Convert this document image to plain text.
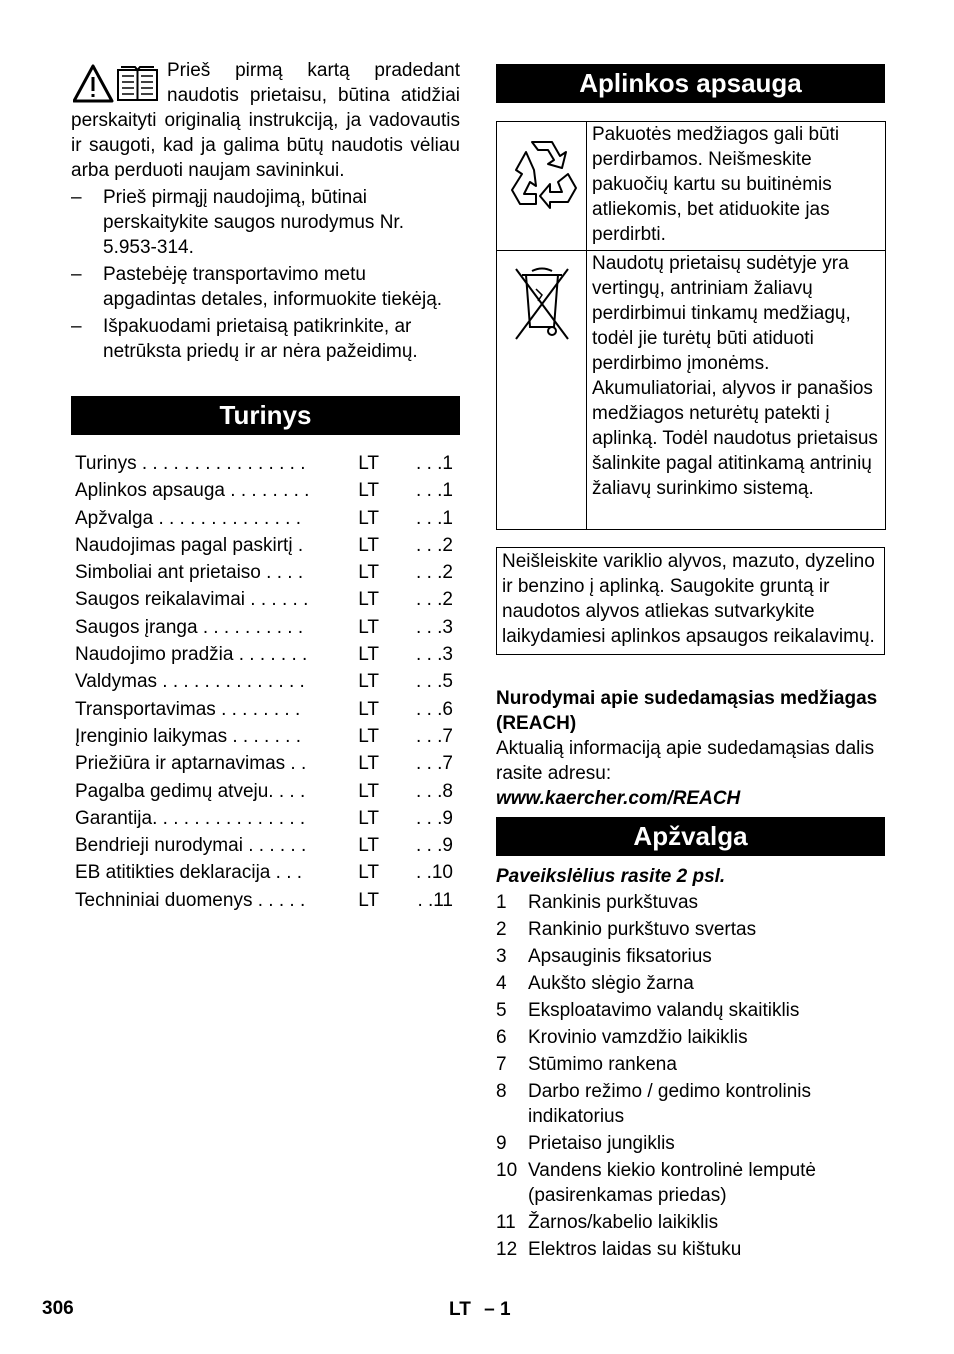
Prieš pirmą kartą pradedant naudotis prietaisu, būtina atidžiai perskaityti originalią instrukciją, ja vadovautis ir saugoti, kad ja galima būtų naudotis vėliau arba perduoti naujam savininkui.
–	Prieš pirmąjį naudojimą, būtinai perskaitykite saugos nurodymus Nr. 5.953-314.
–	Pastebėję transportavimo metu apgadintas detales, informuokite tiekėją.
–	Išpakuodami prietaisą patikrinkite, ar netrūksta priedų ir ar nėra pažeidimų.
Turinys
Turinys . . . . . . . . . . . . . . . .	LT	. . .1
Aplinkos apsauga . . . . . . . .	LT	. . .1
Apžvalga . . . . . . . . . . . . . .	LT	. . .1
Naudojimas pagal paskirtį .	LT	. . .2
Simboliai ant prietaiso . . . .	LT	. . .2
Saugos reikalavimai . . . . . .	LT	. . .2
Saugos įranga . . . . . . . . . .	LT	. . .3
Naudojimo pradžia . . . . . . .	LT	. . .3
Valdymas . . . . . . . . . . . . . .	LT	. . .5
Transportavimas . . . . . . . .	LT	. . .6
Įrenginio laikymas . . . . . . .	LT	. . .7
Priežiūra ir aptarnavimas . .	LT	. . .7
Pagalba gedimų atveju. . . .	LT	. . .8
Garantija. . . . . . . . . . . . . . .	LT	. . .9
Bendrieji nurodymai . . . . . .	LT	. . .9
EB atitikties deklaracija . . .	LT	. .10
Techniniai duomenys . . . . .	LT	. .11
Aplinkos apsauga
Pakuotės medžiagos gali būti perdirbamos. Neišmeskite pakuočių kartu su buitinėmis atliekomis, bet atiduokite jas perdirbti.
Naudotų prietaisų sudėtyje yra vertingų, antriniam žaliavų perdirbimui tinkamų medžiagų, todėl jie turėtų būti atiduoti perdirbimo įmonėms. Akumuliatoriai, alyvos ir panašios medžiagos neturėtų patekti į aplinką. Todėl naudotus prietaisus šalinkite pagal atitinkamą antrinių žaliavų surinkimo sistemą.
Neišleiskite variklio alyvos, mazuto, dyzelino ir benzino į aplinką. Saugokite gruntą ir naudotos alyvos atliekas sutvarkykite laikydamiesi aplinkos apsaugos reikalavimų.
Nurodymai apie sudedamąsias medžiagas (REACH)
Aktualią informaciją apie sudedamąsias dalis rasite adresu:
www.kaercher.com/REACH
Apžvalga
Paveikslėlius rasite 2 psl.
1	Rankinis purkštuvas
2	Rankinio purkštuvo svertas
3	Apsauginis fiksatorius
4	Aukšto slėgio žarna
5	Eksploatavimo valandų skaitiklis
6	Krovinio vamzdžio laikiklis
7	Stūmimo rankena
8	Darbo režimo / gedimo kontrolinis indikatorius
9	Prietaiso jungiklis
10 Vandens kiekio kontrolinė lemputė (pasirenkamas priedas)
11 Žarnos/kabelio laikiklis
12 Elektros laidas su kištuku
306	LT – 1
